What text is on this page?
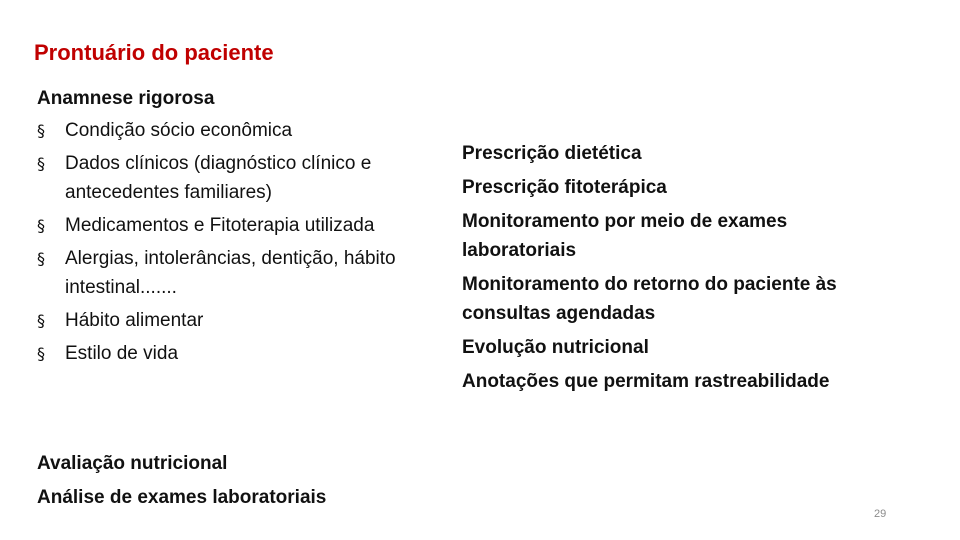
Prontuário do paciente

Anamnese rigorosa

§ Condição sócio econômica
§ Dados clínicos (diagnóstico clínico e antecedentes familiares)
§ Medicamentos e Fitoterapia utilizada
§ Alergias, intolerâncias, dentição, hábito intestinal.......
§ Hábito alimentar
§ Estilo de vida
Avaliação nutricional
Análise de exames laboratoriais
Prescrição dietética
Prescrição fitoterápica
Monitoramento por meio de exames laboratoriais
Monitoramento do retorno do paciente às consultas agendadas
Evolução nutricional
Anotações que permitam rastreabilidade
29
